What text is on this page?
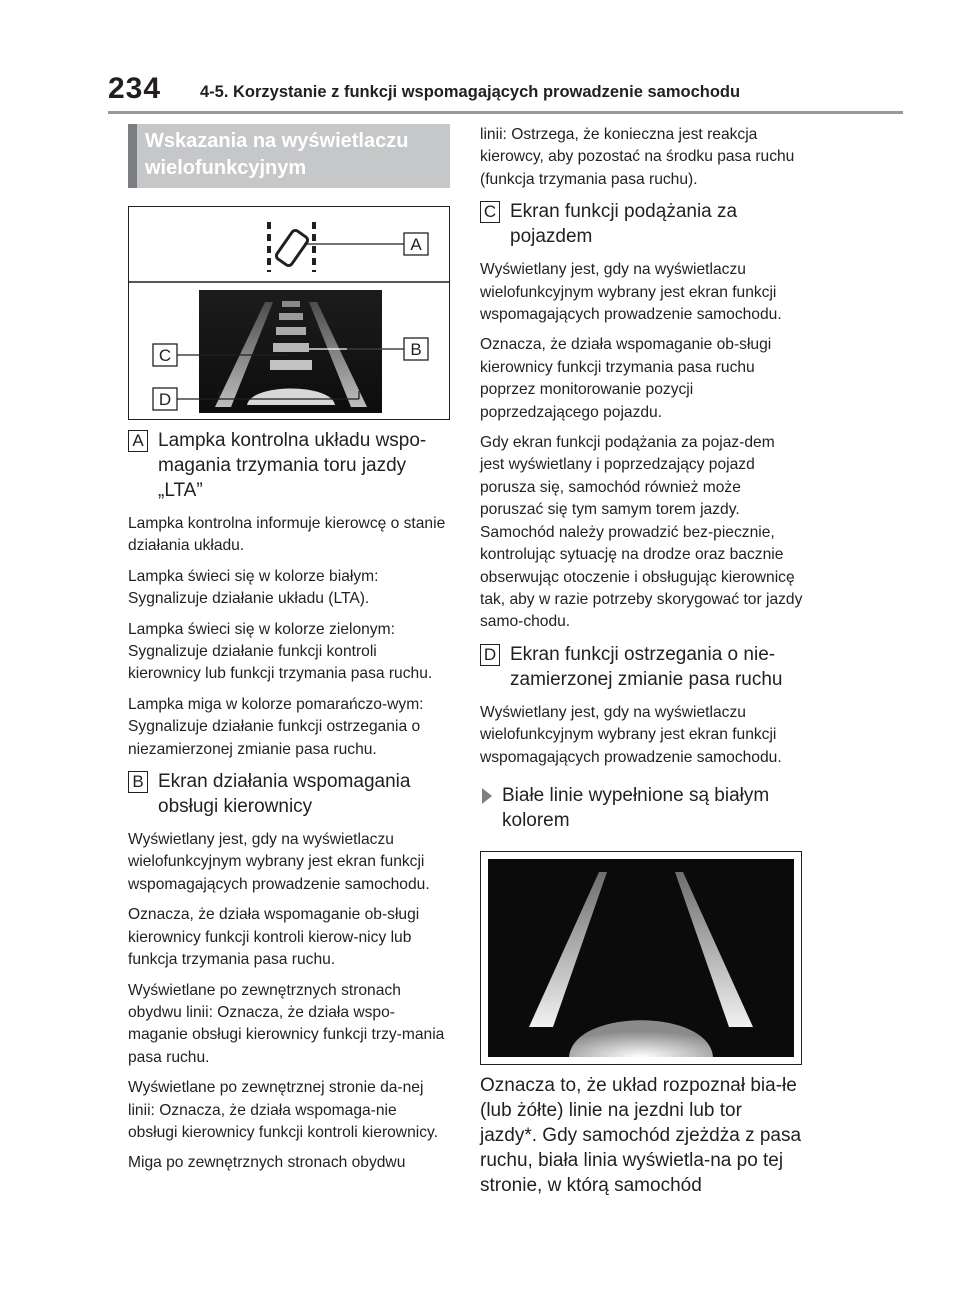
234 4-5. Korzystanie z funkcji wspomagających prowadzenie samochodu
Wskazania na wyświetlaczu
wielofunkcyjnym
A
B
C
D
A Lampka kontrolna układu wspo-
magania trzymania toru jazdy
„LTA”

Lampka kontrolna informuje kierowcę o stanie działania układu.

Lampka świeci się w kolorze białym: Sygnalizuje działanie układu (LTA).

Lampka świeci się w kolorze zielonym: Sygnalizuje działanie funkcji kontroli kierownicy lub funkcji trzymania pasa ruchu.

Lampka miga w kolorze pomarańczo-wym: Sygnalizuje działanie funkcji ostrzegania o niezamierzonej zmianie pasa ruchu.

B Ekran działania wspomagania
obsługi kierownicy

Wyświetlany jest, gdy na wyświetlaczu wielofunkcyjnym wybrany jest ekran funkcji wspomagających prowadzenie samochodu.

Oznacza, że działa wspomaganie ob-sługi kierownicy funkcji kontroli kierow-nicy lub funkcja trzymania pasa ruchu.

Wyświetlane po zewnętrznych stronach obydwu linii: Oznacza, że działa wspo-maganie obsługi kierownicy funkcji trzy-mania pasa ruchu.

Wyświetlane po zewnętrznej stronie da-nej linii: Oznacza, że działa wspomaga-nie obsługi kierownicy funkcji kontroli kierownicy.

Miga po zewnętrznych stronach obydwu

linii: Ostrzega, że konieczna jest reakcja kierowcy, aby pozostać na środku pasa ruchu (funkcja trzymania pasa ruchu).

C Ekran funkcji podążania za
pojazdem

Wyświetlany jest, gdy na wyświetlaczu wielofunkcyjnym wybrany jest ekran funkcji wspomagających prowadzenie samochodu.

Oznacza, że działa wspomaganie ob-sługi kierownicy funkcji trzymania pasa ruchu poprzez monitorowanie pozycji poprzedzającego pojazdu.

Gdy ekran funkcji podążania za pojaz-dem jest wyświetlany i poprzedzający pojazd porusza się, samochód również może poruszać się tym samym torem jazdy. Samochód należy prowadzić bez-piecznie, kontrolując sytuację na drodze oraz bacznie obserwując otoczenie i obsługując kierownicę tak, aby w razie potrzeby skorygować tor jazdy samo-chodu.

D Ekran funkcji ostrzegania o nie-
zamierzonej zmianie pasa ruchu

Wyświetlany jest, gdy na wyświetlaczu wielofunkcyjnym wybrany jest ekran funkcji wspomagających prowadzenie samochodu.

Białe linie wypełnione są białym
kolorem

Oznacza to, że układ rozpoznał bia-łe (lub żółte) linie na jezdni lub tor jazdy*. Gdy samochód zjeżdża z pasa ruchu, biała linia wyświetla-na po tej stronie, w którą samochód
